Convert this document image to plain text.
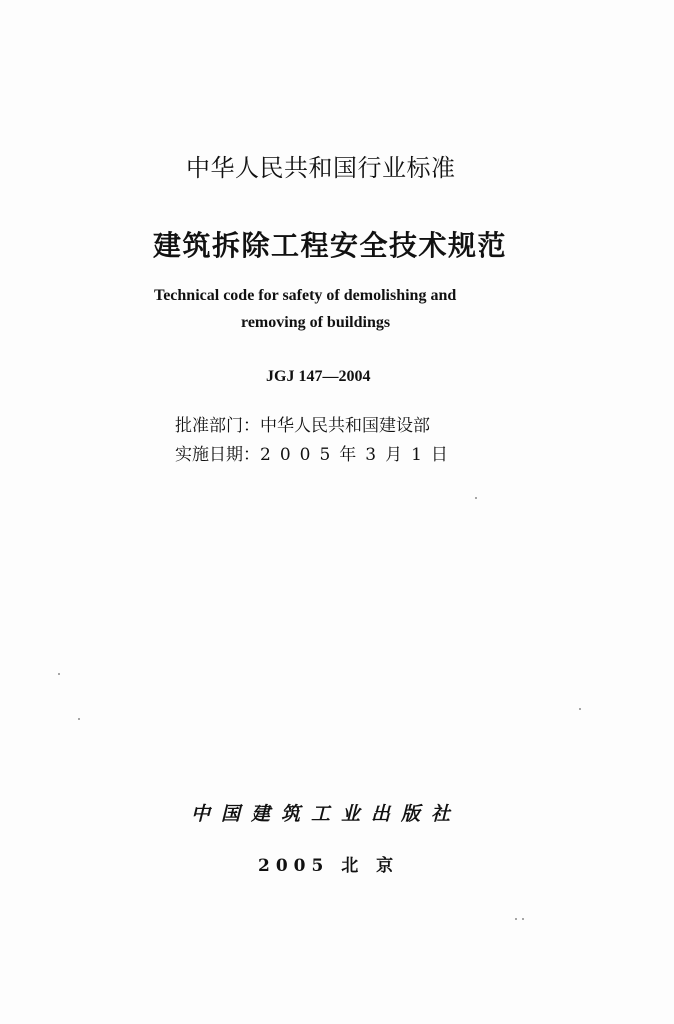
中华人民共和国行业标准
建筑拆除工程安全技术规范
Technical code for safety of demolishing and
removing of buildings
JGJ 147—2004
批准部门：中华人民共和国建设部
实施日期：2005年3月1日
中国建筑工业出版社
2005 北 京
